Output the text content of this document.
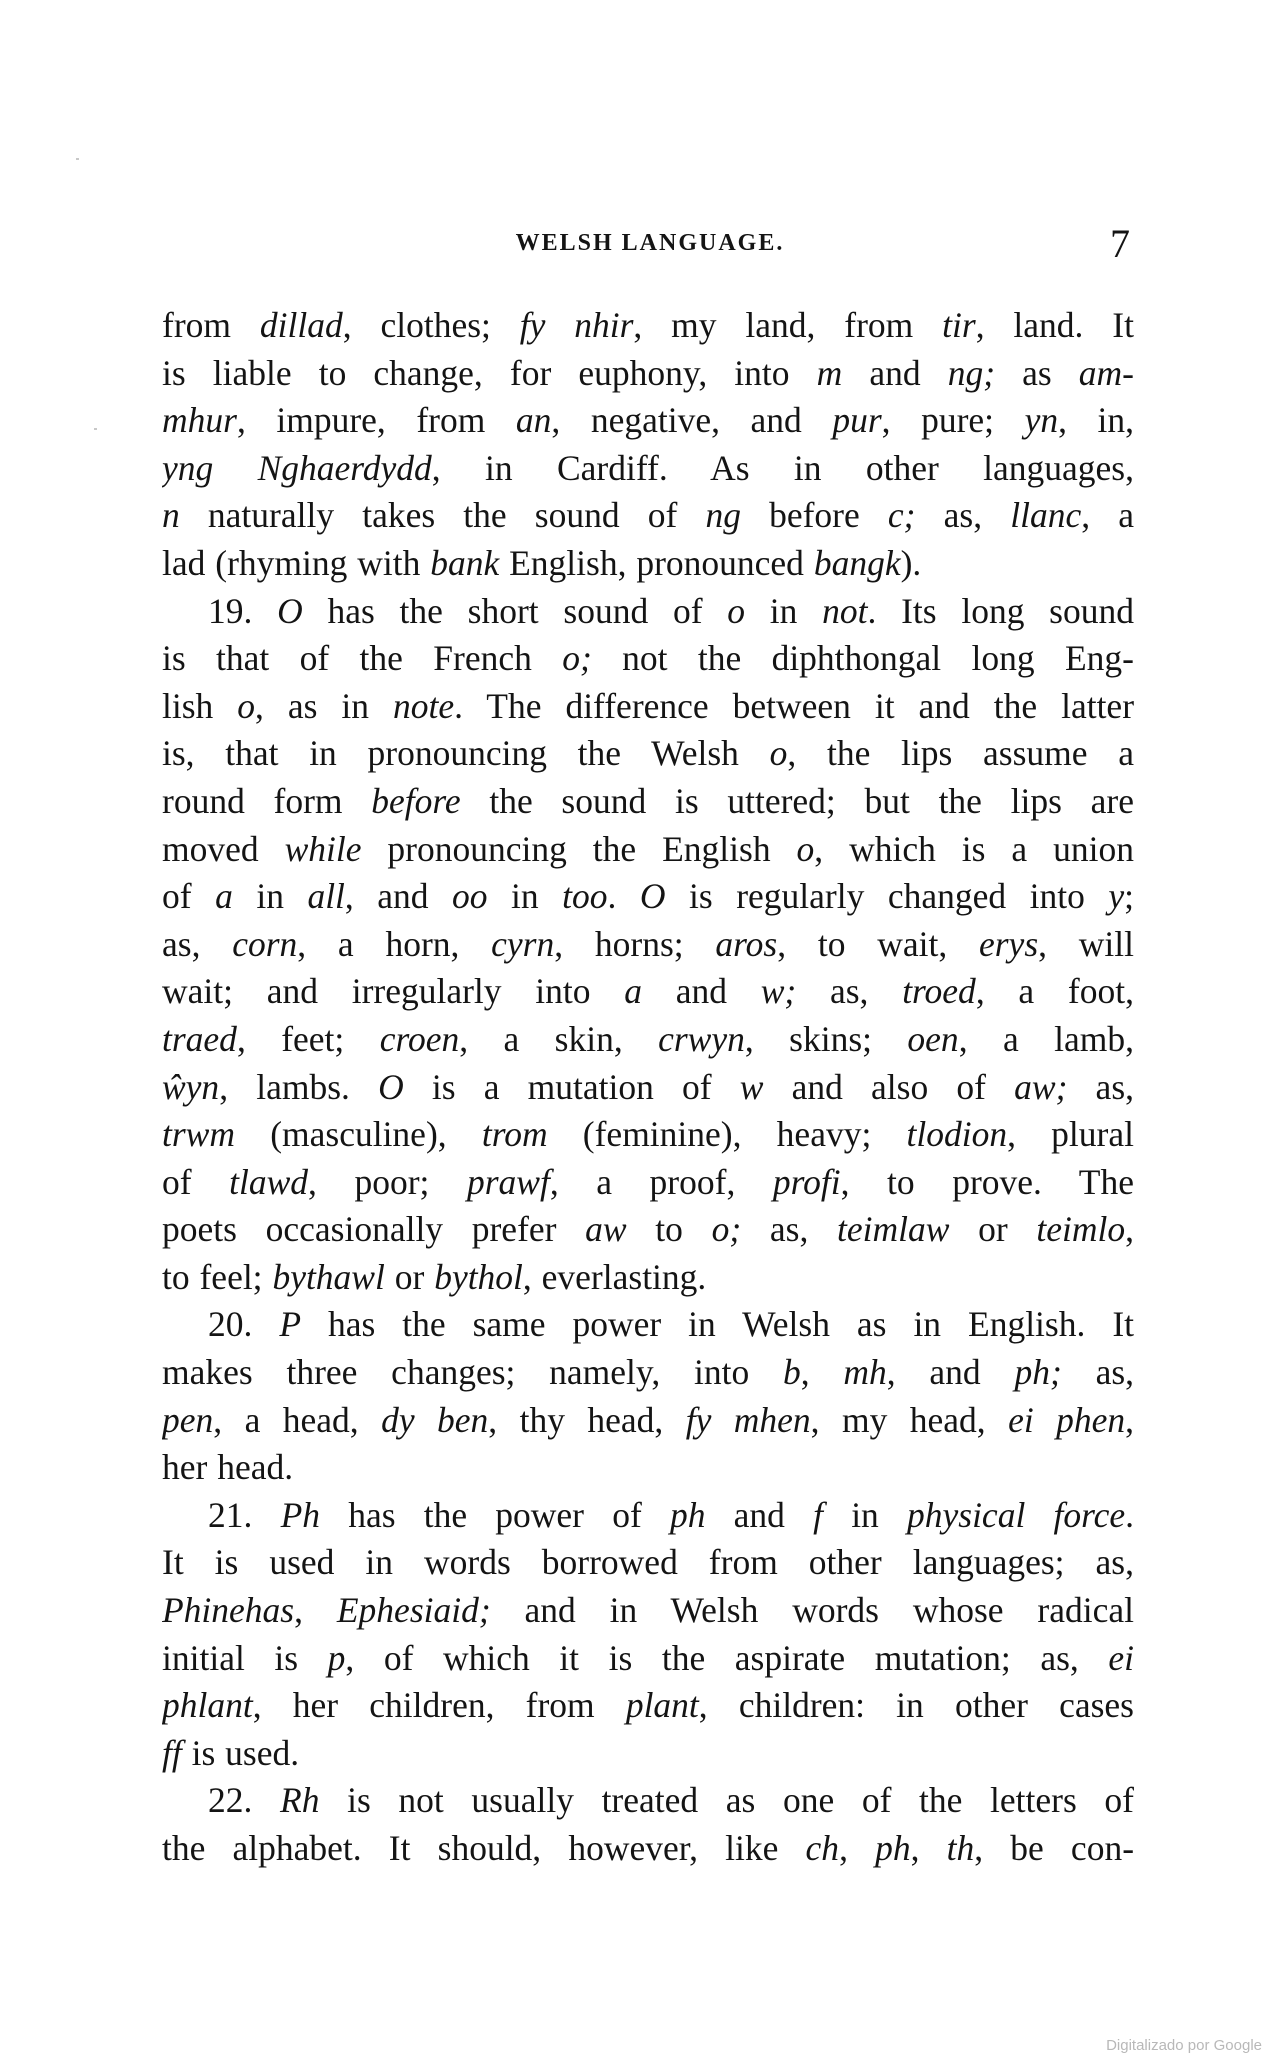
WELSH LANGUAGE.	7
from dillad, clothes; fy nhir, my land, from tir, land. It
is liable to change, for euphony, into m and ng; as am-
mhur, impure, from an, negative, and pur, pure; yn, in,
yng Nghaerdydd, in Cardiff. As in other languages,
n naturally takes the sound of ng before c; as, llanc, a
lad (rhyming with bank English, pronounced bangk).
19. O has the short sound of o in not. Its long sound
is that of the French o; not the diphthongal long Eng-
lish o, as in note. The difference between it and the latter
is, that in pronouncing the Welsh o, the lips assume a
round form before the sound is uttered; but the lips are
moved while pronouncing the English o, which is a union
of a in all, and oo in too. O is regularly changed into y;
as, corn, a horn, cyrn, horns; aros, to wait, erys, will
wait; and irregularly into a and w; as, troed, a foot,
traed, feet; croen, a skin, crwyn, skins; oen, a lamb,
ŵyn, lambs. O is a mutation of w and also of aw; as,
trwm (masculine), trom (feminine), heavy; tlodion, plural
of tlawd, poor; prawf, a proof, profi, to prove. The
poets occasionally prefer aw to o; as, teimlaw or teimlo,
to feel; bythawl or bythol, everlasting.
20. P has the same power in Welsh as in English. It
makes three changes; namely, into b, mh, and ph; as,
pen, a head, dy ben, thy head, fy mhen, my head, ei phen,
her head.
21. Ph has the power of ph and f in physical force.
It is used in words borrowed from other languages; as,
Phinehas, Ephesiaid; and in Welsh words whose radical
initial is p, of which it is the aspirate mutation; as, ei
phlant, her children, from plant, children: in other cases
ff is used.
22. Rh is not usually treated as one of the letters of
the alphabet. It should, however, like ch, ph, th, be con-
Digitalizado por Google
